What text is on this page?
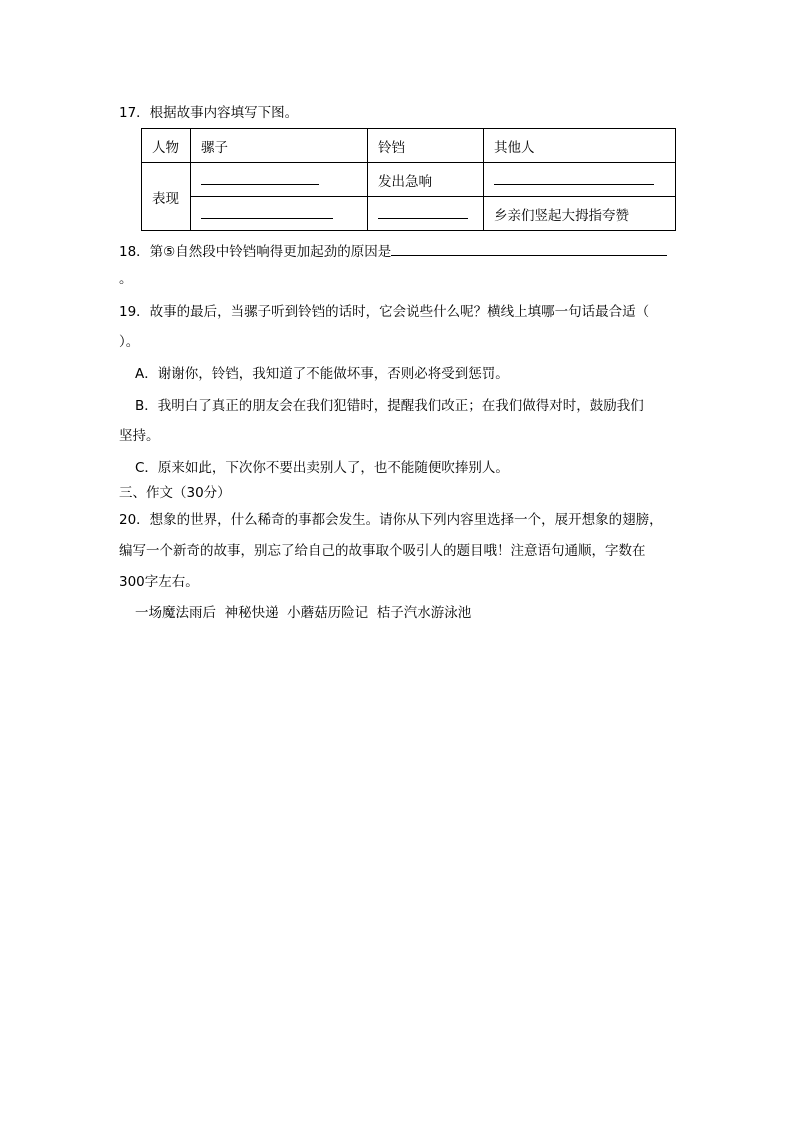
17．根据故事内容填写下图。
人物	骡子	铃铛	其他人
表现		发出急响	
			乡亲们竖起大拇指夸赞
18．第⑤自然段中铃铛响得更加起劲的原因是
。
19．故事的最后，当骡子听到铃铛的话时，它会说些什么呢？横线上填哪一句话最合适（
）。
A．谢谢你，铃铛，我知道了不能做坏事，否则必将受到惩罚。
B．我明白了真正的朋友会在我们犯错时，提醒我们改正；在我们做得对时，鼓励我们
坚持。
C．原来如此，下次你不要出卖别人了，也不能随便吹捧别人。
三、作文（30分）
20．想象的世界，什么稀奇的事都会发生。请你从下列内容里选择一个，展开想象的翅膀，
编写一个新奇的故事，别忘了给自己的故事取个吸引人的题目哦！注意语句通顺，字数在
300字左右。
一场魔法雨后  神秘快递  小蘑菇历险记  桔子汽水游泳池
